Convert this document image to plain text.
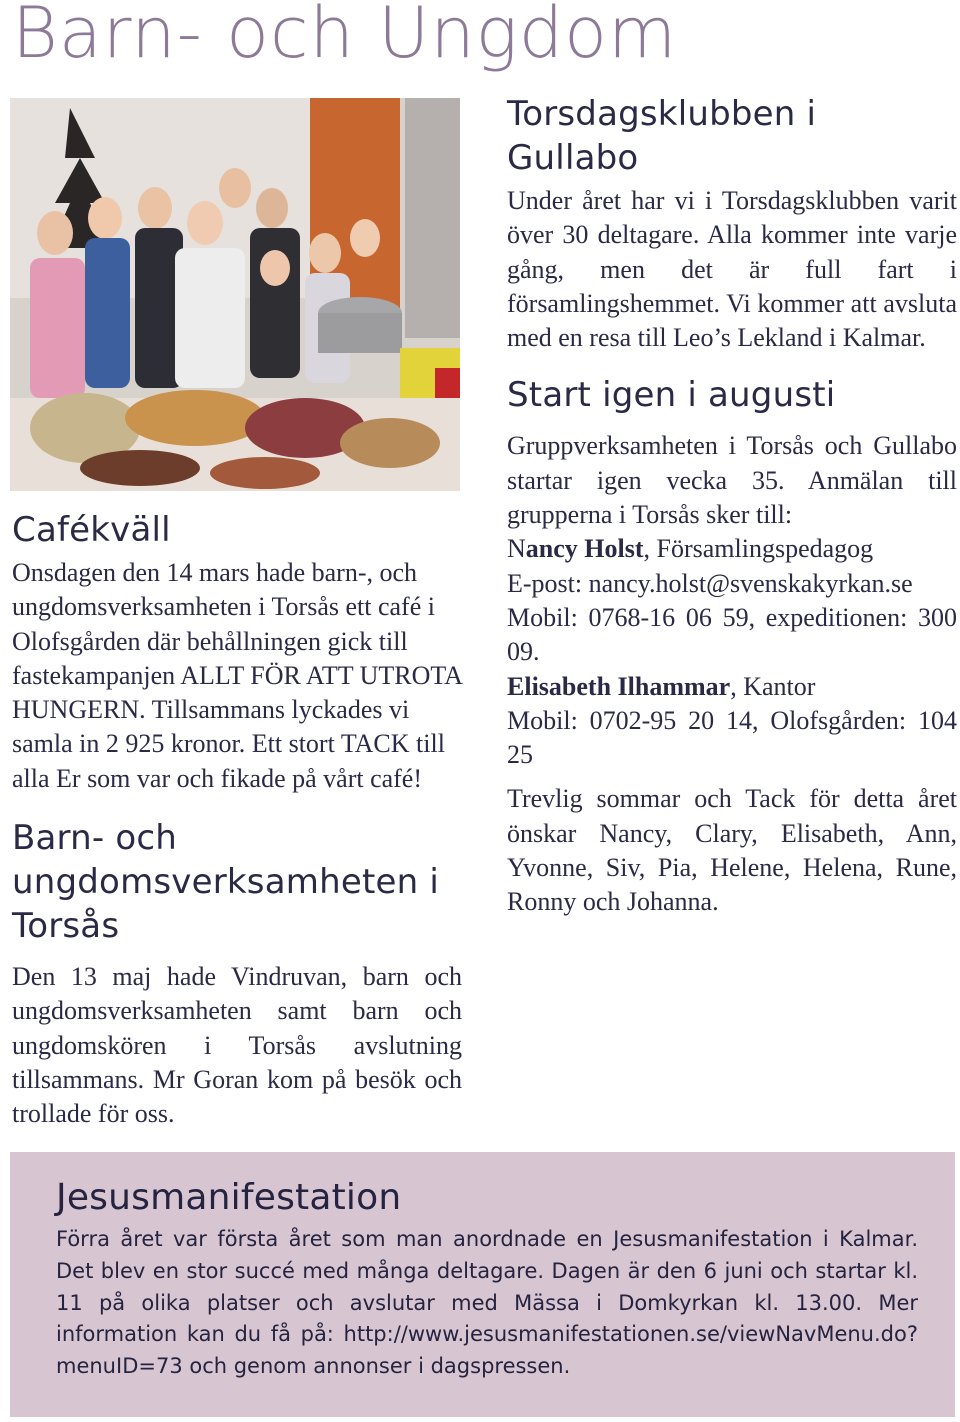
Barn- och Ungdom
Cafékväll

Onsdagen den 14 mars hade barn-, och ungdomsverksamheten i Torsås ett café i Olofsgården där behållningen gick till fastekampanjen ALLT FÖR ATT UTROTA HUNGERN. Tillsammans lyckades vi samla in 2 925 kronor. Ett stort TACK till alla Er som var och fikade på vårt café!

Barn- och ungdomsverksamheten i Torsås

Den 13 maj hade Vindruvan, barn och ungdomsverksamheten samt barn och ungdomskören i Torsås avslutning tillsammans. Mr Goran kom på besök och trollade för oss.

Torsdagsklubben i Gullabo

Under året har vi i Torsdagsklubben varit över 30 deltagare. Alla kommer inte varje gång, men det är full fart i församlingshemmet. Vi kommer att avsluta med en resa till Leo’s Lekland i Kalmar.

Start igen i augusti

Gruppverksamheten i Torsås och Gullabo startar igen vecka 35. Anmälan till grupperna i Torsås sker till:

Nancy Holst, Församlingspedagog
E-post: nancy.holst@svenskakyrkan.se
Mobil: 0768-16 06 59, expeditionen: 300 09.

Elisabeth Ilhammar, Kantor
Mobil: 0702-95 20 14, Olofsgården: 104 25

Trevlig sommar och Tack för detta året önskar Nancy, Clary, Elisabeth, Ann, Yvonne, Siv, Pia, Helene, Helena, Rune, Ronny och Johanna.

Jesusmanifestation

Förra året var första året som man anordnade en Jesusmanifestation i Kalmar. Det blev en stor succé med många deltagare. Dagen är den 6 juni och startar kl. 11 på olika platser och avslutar med Mässa i Domkyrkan kl. 13.00. Mer information kan du få på: http://www.jesusmanifestationen.se/viewNavMenu.do?menuID=73 och genom annonser i dagspressen.
